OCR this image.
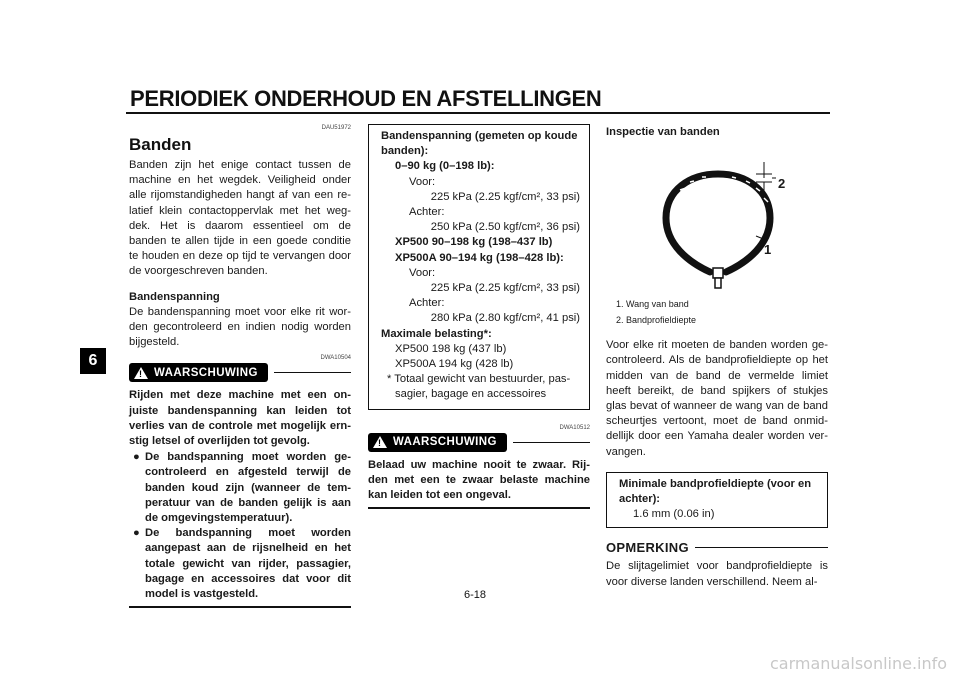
PERIODIEK ONDERHOUD EN AFSTELLINGEN
6
DAU51972
Banden
Banden zijn het enige contact tussen de machine en het wegdek. Veiligheid onder alle rijomstandigheden hangt af van een re-latief klein contactoppervlak met het weg-dek. Het is daarom essentieel om de banden te allen tijde in een goede conditie te houden en deze op tijd te vervangen door de voorgeschreven banden.
Bandenspanning
De bandenspanning moet voor elke rit wor-den gecontroleerd en indien nodig worden bijgesteld.
DWA10504
! WAARSCHUWING
Rijden met deze machine met een on-juiste bandenspanning kan leiden tot verlies van de controle met mogelijk ern-stig letsel of overlijden tot gevolg.
● De bandspanning moet worden ge-controleerd en afgesteld terwijl de banden koud zijn (wanneer de tem-peratuur van de banden gelijk is aan de omgevingstemperatuur).
● De bandspanning moet worden aangepast aan de rijsnelheid en het totale gewicht van rijder, passagier, bagage en accessoires dat voor dit model is vastgesteld.
Bandenspanning (gemeten op koude banden):
0–90 kg (0–198 lb):
Voor:
225 kPa (2.25 kgf/cm², 33 psi)
Achter:
250 kPa (2.50 kgf/cm², 36 psi)
XP500 90–198 kg (198–437 lb)
XP500A 90–194 kg (198–428 lb):
Voor:
225 kPa (2.25 kgf/cm², 33 psi)
Achter:
280 kPa (2.80 kgf/cm², 41 psi)
Maximale belasting*:
XP500 198 kg (437 lb)
XP500A 194 kg (428 lb)
* Totaal gewicht van bestuurder, pas-sagier, bagage en accessoires
DWA10512
! WAARSCHUWING
Belaad uw machine nooit te zwaar. Rij-den met een te zwaar belaste machine kan leiden tot een ongeval.
Inspectie van banden
2
1
1. Wang van band
2. Bandprofieldiepte
Voor elke rit moeten de banden worden ge-controleerd. Als de bandprofieldiepte op het midden van de band de vermelde limiet heeft bereikt, de band spijkers of stukjes glas bevat of wanneer de wang van de band scheurtjes vertoont, moet de band onmid-dellijk door een Yamaha dealer worden ver-vangen.
Minimale bandprofieldiepte (voor en achter):
1.6 mm (0.06 in)
OPMERKING
De slijtagelimiet voor bandprofieldiepte is voor diverse landen verschillend. Neem al-
6-18
carmanualsonline.info
